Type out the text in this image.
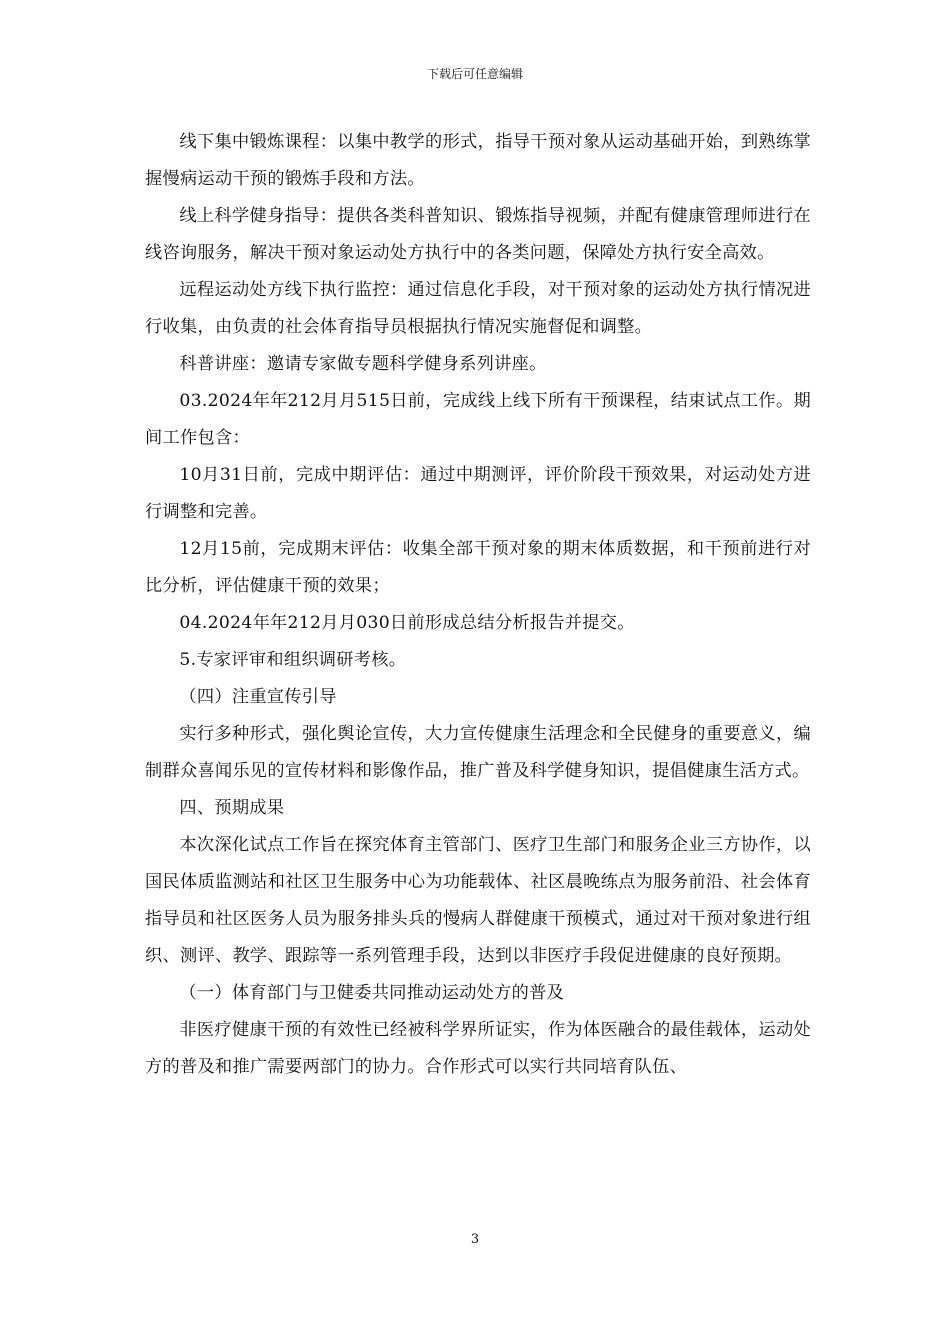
下载后可任意编辑

线下集中锻炼课程：以集中教学的形式，指导干预对象从运动基础开始，到熟练掌握慢病运动干预的锻炼手段和方法。

线上科学健身指导：提供各类科普知识、锻炼指导视频，并配有健康管理师进行在线咨询服务，解决干预对象运动处方执行中的各类问题，保障处方执行安全高效。

远程运动处方线下执行监控：通过信息化手段，对干预对象的运动处方执行情况进行收集，由负责的社会体育指导员根据执行情况实施督促和调整。

科普讲座：邀请专家做专题科学健身系列讲座。

03.2024年年212月月515日前，完成线上线下所有干预课程，结束试点工作。期间工作包含：

10月31日前，完成中期评估：通过中期测评，评价阶段干预效果，对运动处方进行调整和完善。

12月15前，完成期末评估：收集全部干预对象的期末体质数据，和干预前进行对比分析，评估健康干预的效果；

04.2024年年212月月030日前形成总结分析报告并提交。

5.专家评审和组织调研考核。

（四）注重宣传引导

实行多种形式，强化舆论宣传，大力宣传健康生活理念和全民健身的重要意义，编制群众喜闻乐见的宣传材料和影像作品，推广普及科学健身知识，提倡健康生活方式。

四、预期成果

本次深化试点工作旨在探究体育主管部门、医疗卫生部门和服务企业三方协作，以国民体质监测站和社区卫生服务中心为功能载体、社区晨晚练点为服务前沿、社会体育指导员和社区医务人员为服务排头兵的慢病人群健康干预模式，通过对干预对象进行组织、测评、教学、跟踪等一系列管理手段，达到以非医疗手段促进健康的良好预期。

（一）体育部门与卫健委共同推动运动处方的普及

非医疗健康干预的有效性已经被科学界所证实，作为体医融合的最佳载体，运动处方的普及和推广需要两部门的协力。合作形式可以实行共同培育队伍、

3
